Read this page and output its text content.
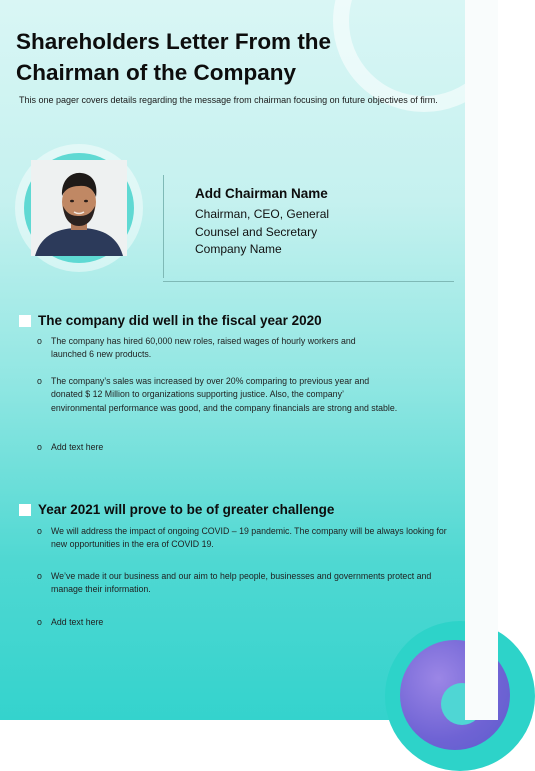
Shareholders Letter From the Chairman of the Company

This one pager covers details regarding the message from chairman focusing on future objectives of firm.

Add Chairman Name

Chairman, CEO, General Counsel and Secretary

Company Name

The company did well in the fiscal year 2020

o	The company has hired 60,000 new roles, raised wages of hourly workers and launched 6 new products.

o	The company’s sales was increased by over 20% comparing to previous year and donated $ 12 Million to organizations supporting justice. Also, the company’ environmental performance was good, and the company financials are strong and stable.

o	Add text here

Year 2021 will prove to be of greater challenge

o	We will address the impact of ongoing COVID – 19 pandemic. The company will be always looking for new opportunities in the era of COVID 19.

o	We’ve made it our business and our aim to help people, businesses and governments protect and manage their information.

o	Add text here
